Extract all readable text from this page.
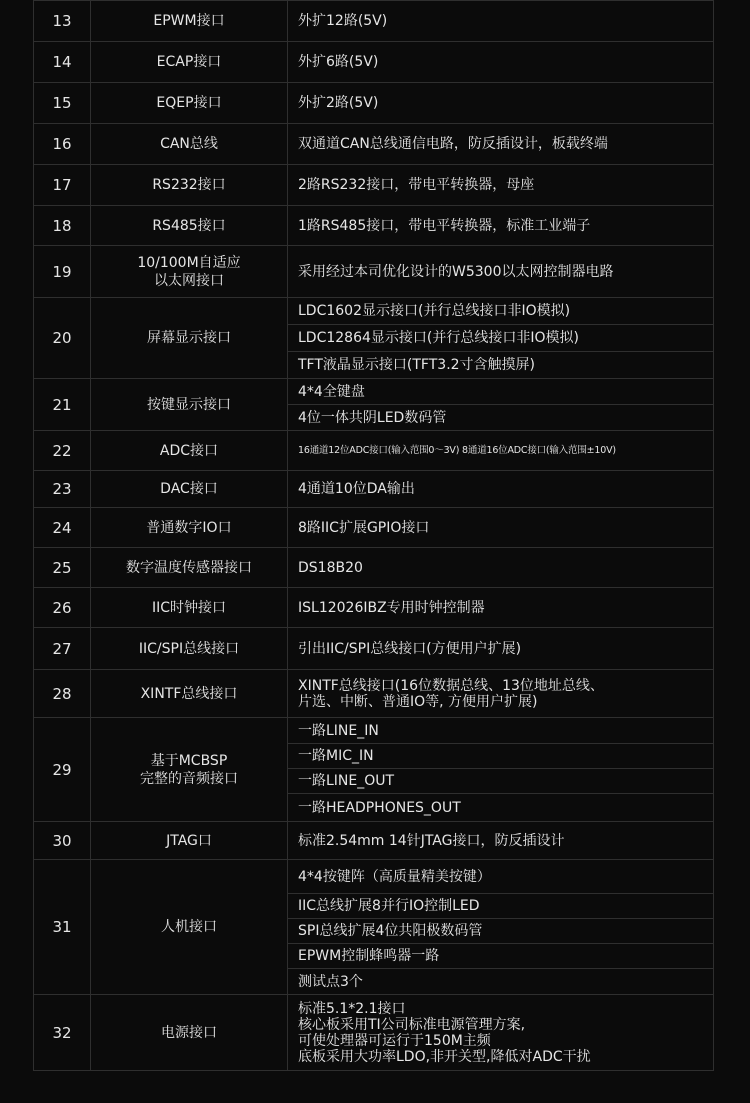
13	EPWM接口	外扩12路(5V)

14	ECAP接口	外扩6路(5V)

15	EQEP接口	外扩2路(5V)

16	CAN总线	双通道CAN总线通信电路，防反插设计，板载终端

17	RS232接口	2路RS232接口，带电平转换器，母座

18	RS485接口	1路RS485接口，带电平转换器，标准工业端子

19	10/100M自适应
以太网接口	采用经过本司优化设计的W5300以太网控制器电路

20	屏幕显示接口	LDC1602显示接口(并行总线接口非IO模拟)

		LDC12864显示接口(并行总线接口非IO模拟)

		TFT液晶显示接口(TFT3.2寸含触摸屏)

21	按键显示接口	4*4全键盘

		4位一体共阴LED数码管

22	ADC接口	16通道12位ADC接口(输入范围0～3V) 8通道16位ADC接口(输入范围±10V)

23	DAC接口	4通道10位DA输出

24	普通数字IO口	8路IIC扩展GPIO接口

25	数字温度传感器接口	DS18B20

26	IIC时钟接口	ISL12026IBZ专用时钟控制器

27	IIC/SPI总线接口	引出IIC/SPI总线接口(方便用户扩展)

28	XINTF总线接口	XINTF总线接口(16位数据总线、13位地址总线、
片选、中断、普通IO等, 方便用户扩展)

29	基于MCBSP
完整的音频接口	一路LINE_IN

		一路MIC_IN

		一路LINE_OUT

		一路HEADPHONES_OUT

30	JTAG口	标准2.54mm 14针JTAG接口，防反插设计

31	人机接口	4*4按键阵（高质量精美按键）

		IIC总线扩展8并行IO控制LED

		SPI总线扩展4位共阳极数码管

		EPWM控制蜂鸣器一路

		测试点3个

32	电源接口	标准5.1*2.1接口
核心板采用TI公司标准电源管理方案,
可使处理器可运行于150M主频
底板采用大功率LDO,非开关型,降低对ADC干扰
